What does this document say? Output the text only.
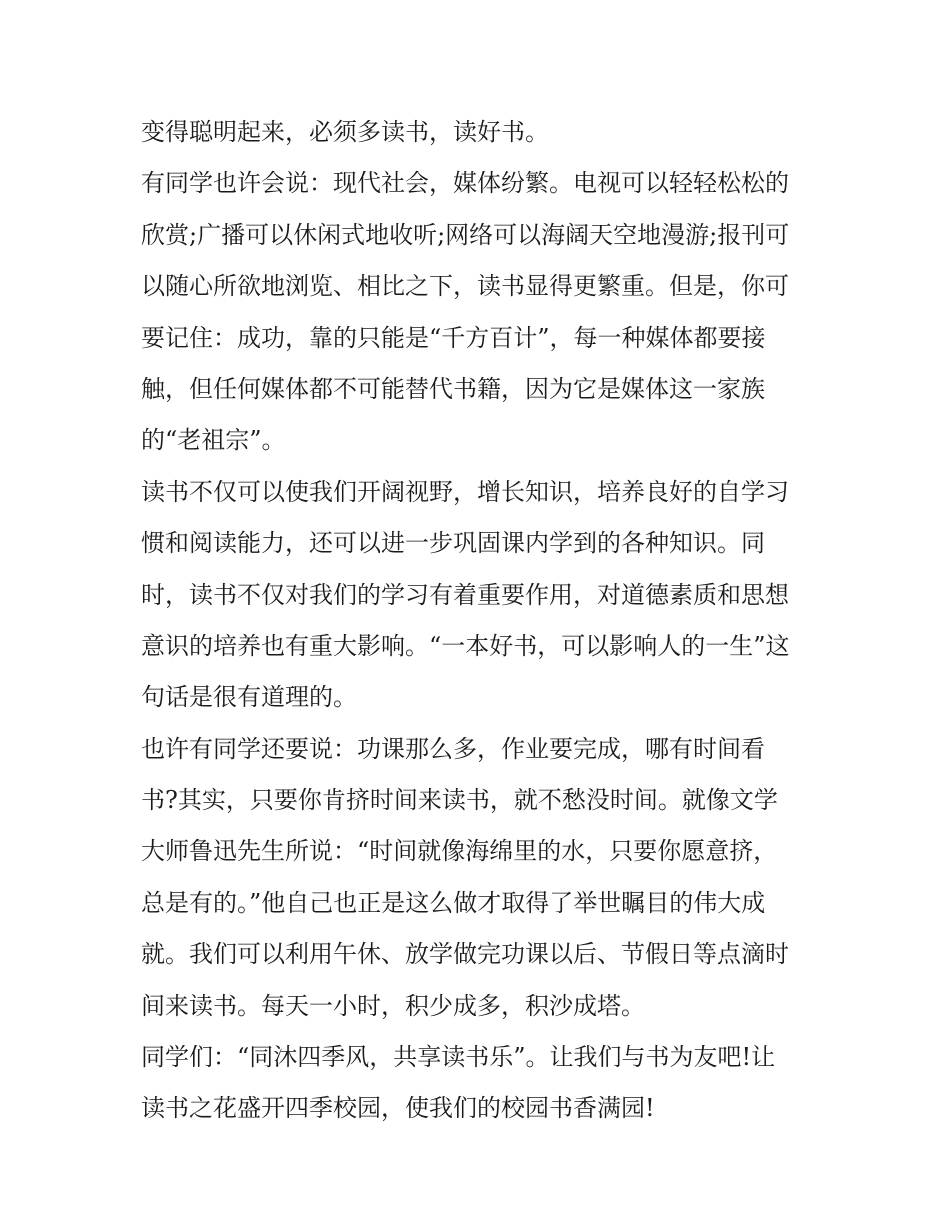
变得聪明起来，必须多读书，读好书。
有同学也许会说：现代社会，媒体纷繁。电视可以轻轻松松的
欣赏;广播可以休闲式地收听;网络可以海阔天空地漫游;报刊可
以随心所欲地浏览、相比之下，读书显得更繁重。但是，你可
要记住：成功，靠的只能是“千方百计”，每一种媒体都要接
触，但任何媒体都不可能替代书籍，因为它是媒体这一家族
的“老祖宗”。
读书不仅可以使我们开阔视野，增长知识，培养良好的自学习
惯和阅读能力，还可以进一步巩固课内学到的各种知识。同
时，读书不仅对我们的学习有着重要作用，对道德素质和思想
意识的培养也有重大影响。“一本好书，可以影响人的一生”这
句话是很有道理的。
也许有同学还要说：功课那么多，作业要完成，哪有时间看
书?其实，只要你肯挤时间来读书，就不愁没时间。就像文学
大师鲁迅先生所说：“时间就像海绵里的水，只要你愿意挤，
总是有的。”他自己也正是这么做才取得了举世瞩目的伟大成
就。我们可以利用午休、放学做完功课以后、节假日等点滴时
间来读书。每天一小时，积少成多，积沙成塔。
同学们：“同沐四季风，共享读书乐”。让我们与书为友吧!让
读书之花盛开四季校园，使我们的校园书香满园!
